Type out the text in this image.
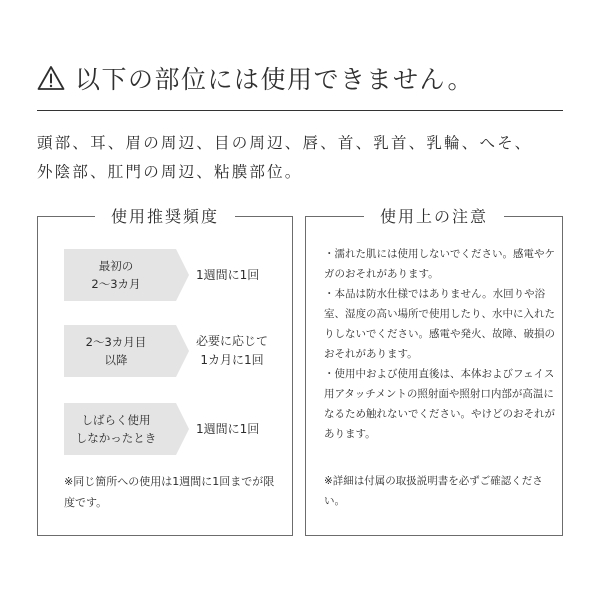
以下の部位には使用できません。
頭部、耳、眉の周辺、目の周辺、唇、首、乳首、乳輪、へそ、
外陰部、肛門の周辺、粘膜部位。
使用推奨頻度
最初の
2〜3カ月
1週間に1回
2〜3カ月目
以降
必要に応じて
1カ月に1回
しばらく使用
しなかったとき
1週間に1回
※同じ箇所への使用は1週間に1回までが限度です。
使用上の注意

・濡れた肌には使用しないでください。感電やケガのおそれがあります。

・本品は防水仕様ではありません。水回りや浴室、湿度の高い場所で使用したり、水中に入れたりしないでください。感電や発火、故障、破損のおそれがあります。

・使用中および使用直後は、本体およびフェイス用アタッチメントの照射面や照射口内部が高温になるため触れないでください。やけどのおそれがあります。

※詳細は付属の取扱説明書を必ずご確認ください。
